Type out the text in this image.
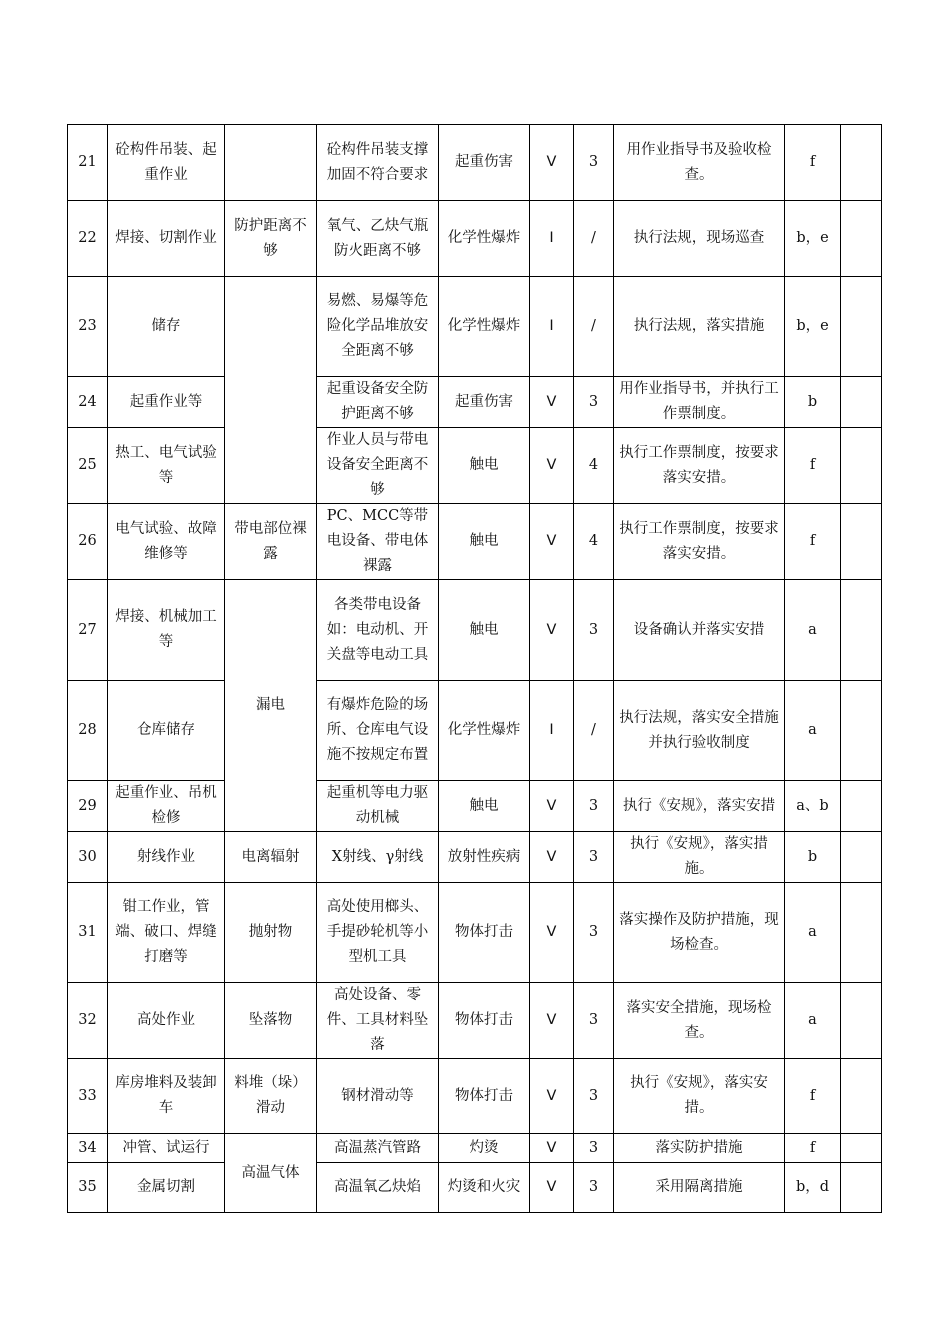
21	砼构件吊装、起重作业		砼构件吊装支撑加固不符合要求	起重伤害	Ⅴ	3	用作业指导书及验收检查。	f	
22	焊接、切割作业	防护距离不够	氧气、乙炔气瓶防火距离不够	化学性爆炸	Ⅰ	/	执行法规，现场巡查	b，e	
23	储存		易燃、易爆等危险化学品堆放安全距离不够	化学性爆炸	Ⅰ	/	执行法规，落实措施	b，e	
24	起重作业等		起重设备安全防护距离不够	起重伤害	Ⅴ	3	用作业指导书，并执行工作票制度。	b	
25	热工、电气试验等		作业人员与带电设备安全距离不够	触电	Ⅴ	4	执行工作票制度，按要求落实安措。	f	
26	电气试验、故障维修等	带电部位裸露	PC、MCC等带电设备、带电体裸露	触电	Ⅴ	4	执行工作票制度，按要求落实安措。	f	
27	焊接、机械加工等	漏电	各类带电设备如：电动机、开关盘等电动工具	触电	Ⅴ	3	设备确认并落实安措	a	
28	仓库储存		有爆炸危险的场所、仓库电气设施不按规定布置	化学性爆炸	Ⅰ	/	执行法规，落实安全措施并执行验收制度	a	
29	起重作业、吊机检修		起重机等电力驱动机械	触电	Ⅴ	3	执行《安规》，落实安措	a、b	
30	射线作业	电离辐射	X射线、γ射线	放射性疾病	Ⅴ	3	执行《安规》，落实措施。	b	
31	钳工作业，管端、破口、焊缝打磨等	抛射物	高处使用榔头、手提砂轮机等小型机工具	物体打击	Ⅴ	3	落实操作及防护措施，现场检查。	a	
32	高处作业	坠落物	高处设备、零件、工具材料坠落	物体打击	Ⅴ	3	落实安全措施，现场检查。	a	
33	库房堆料及装卸车	料堆（垛）滑动	钢材滑动等	物体打击	Ⅴ	3	执行《安规》，落实安措。	f	
34	冲管、试运行	高温气体	高温蒸汽管路	灼烫	Ⅴ	3	落实防护措施	f	
35	金属切割		高温氧乙炔焰	灼烫和火灾	Ⅴ	3	采用隔离措施	b，d	
